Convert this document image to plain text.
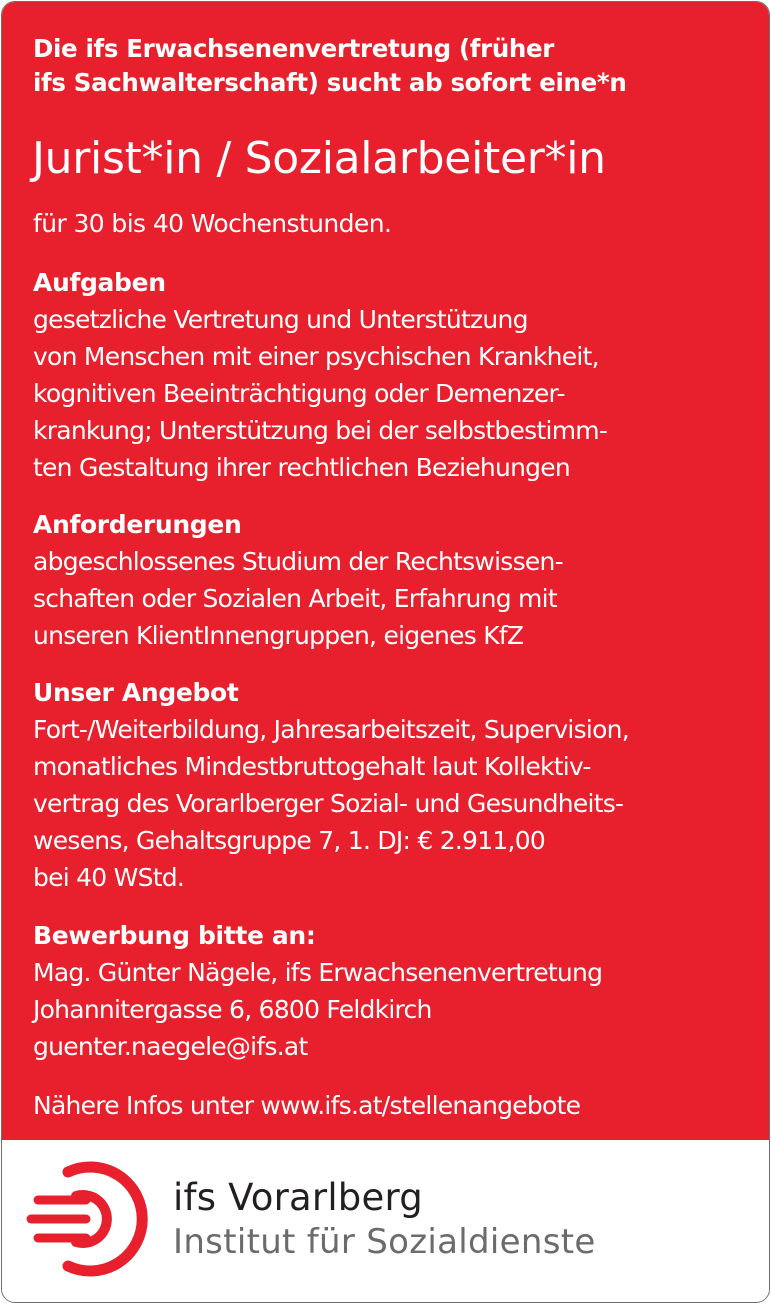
Die ifs Erwachsenenvertretung (früher
ifs Sachwalterschaft) sucht ab sofort eine*n
Jurist*in / Sozialarbeiter*in
für 30 bis 40 Wochenstunden.
Aufgaben
gesetzliche Vertretung und Unterstützung
von Menschen mit einer psychischen Krankheit,
kognitiven Beeinträchtigung oder Demenzer-
krankung; Unterstützung bei der selbstbestimm-
ten Gestaltung ihrer rechtlichen Beziehungen
Anforderungen
abgeschlossenes Studium der Rechtswissen-
schaften oder Sozialen Arbeit, Erfahrung mit
unseren KlientInnengruppen, eigenes KfZ
Unser Angebot
Fort-/Weiterbildung, Jahresarbeitszeit, Supervision,
monatliches Mindestbruttogehalt laut Kollektiv-
vertrag des Vorarlberger Sozial- und Gesundheits-
wesens, Gehaltsgruppe 7, 1. DJ: € 2.911,00
bei 40 WStd.
Bewerbung bitte an:
Mag. Günter Nägele, ifs Erwachsenenvertretung
Johannitergasse 6, 6800 Feldkirch
guenter.naegele@ifs.at
Nähere Infos unter www.ifs.at/stellenangebote
ifs Vorarlberg
Institut für Sozialdienste
